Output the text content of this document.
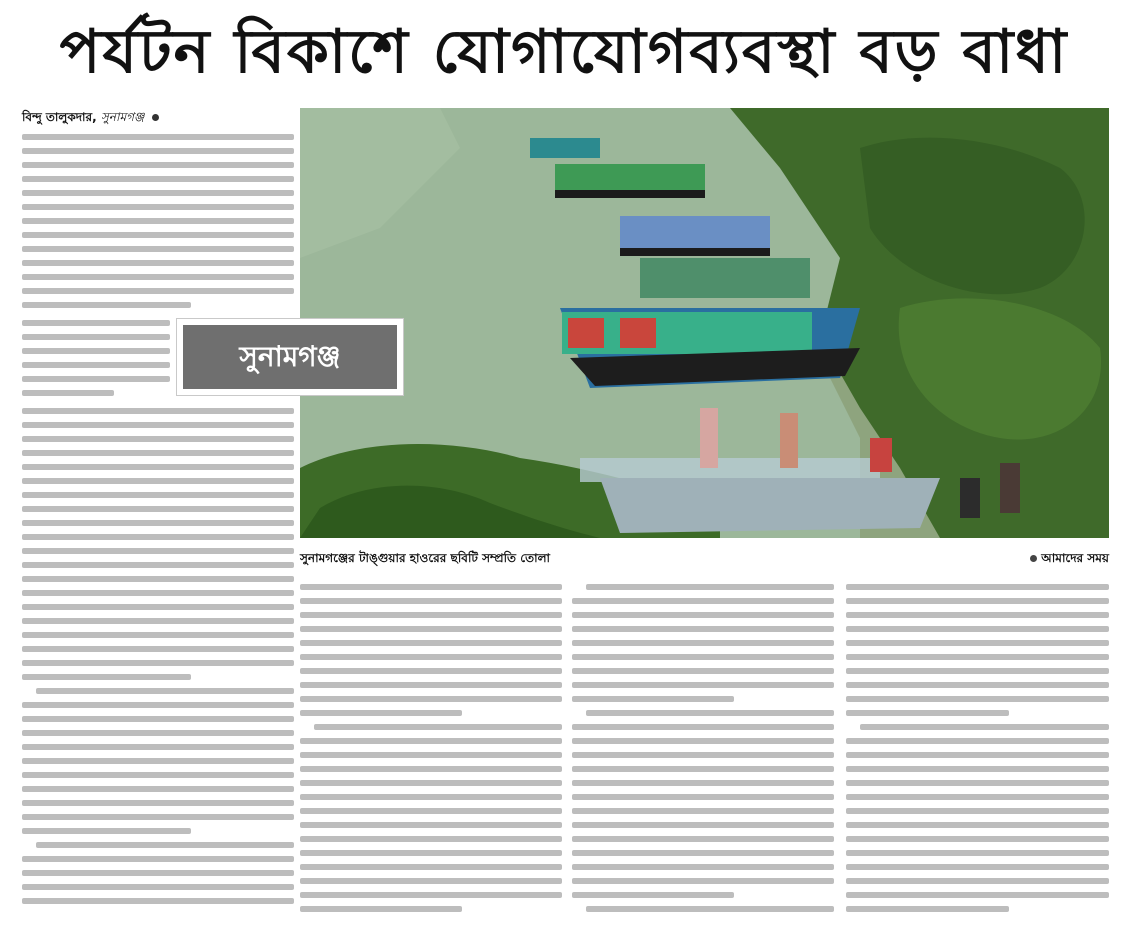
পর্যটন বিকাশে যোগাযোগব্যবস্থা বড় বাধা
বিন্দু তালুকদার, সুনামগঞ্জ
সুনামগঞ্জ
সুনামগঞ্জের টাঙ্গুয়ার হাওরের ছবিটি সম্প্রতি তোলা	আমাদের সময়
